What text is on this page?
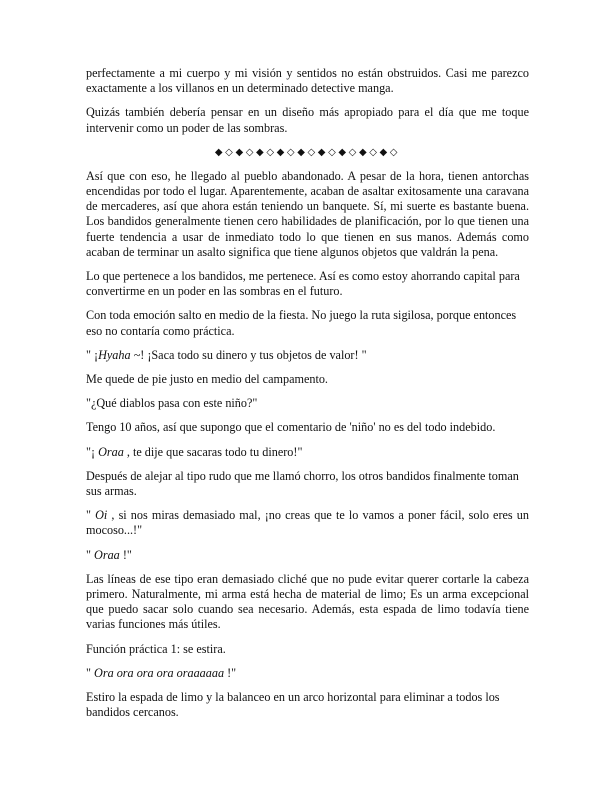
perfectamente a mi cuerpo y mi visión y sentidos no están obstruidos. Casi me parezco exactamente a los villanos en un determinado detective manga.

Quizás también debería pensar en un diseño más apropiado para el día que me toque intervenir como un poder de las sombras.

◆◇◆◇◆◇◆◇◆◇◆◇◆◇◆◇◆◇

Así que con eso, he llegado al pueblo abandonado. A pesar de la hora, tienen antorchas encendidas por todo el lugar. Aparentemente, acaban de asaltar exitosamente una caravana de mercaderes, así que ahora están teniendo un banquete. Sí, mi suerte es bastante buena. Los bandidos generalmente tienen cero habilidades de planificación, por lo que tienen una fuerte tendencia a usar de inmediato todo lo que tienen en sus manos. Además como acaban de terminar un asalto significa que tiene algunos objetos que valdrán la pena.

Lo que pertenece a los bandidos, me pertenece. Así es como estoy ahorrando capital para convertirme en un poder en las sombras en el futuro.

Con toda emoción salto en medio de la fiesta. No juego la ruta sigilosa, porque entonces eso no contaría como práctica.

" ¡Hyaha ~! ¡Saca todo su dinero y tus objetos de valor! "

Me quede de pie justo en medio del campamento.

"¿Qué diablos pasa con este niño?"

Tengo 10 años, así que supongo que el comentario de 'niño' no es del todo indebido.

"¡ Oraa , te dije que sacaras todo tu dinero!"

Después de alejar al tipo rudo que me llamó chorro, los otros bandidos finalmente toman sus armas.

" Oi , si nos miras demasiado mal, ¡no creas que te lo vamos a poner fácil, solo eres un mocoso...!"

" Oraa !"

Las líneas de ese tipo eran demasiado cliché que no pude evitar querer cortarle la cabeza primero. Naturalmente, mi arma está hecha de material de limo; Es un arma excepcional que puedo sacar solo cuando sea necesario. Además, esta espada de limo todavía tiene varias funciones más útiles.

Función práctica 1: se estira.

" Ora ora ora ora oraaaaaa !"

Estiro la espada de limo y la balanceo en un arco horizontal para eliminar a todos los bandidos cercanos.
